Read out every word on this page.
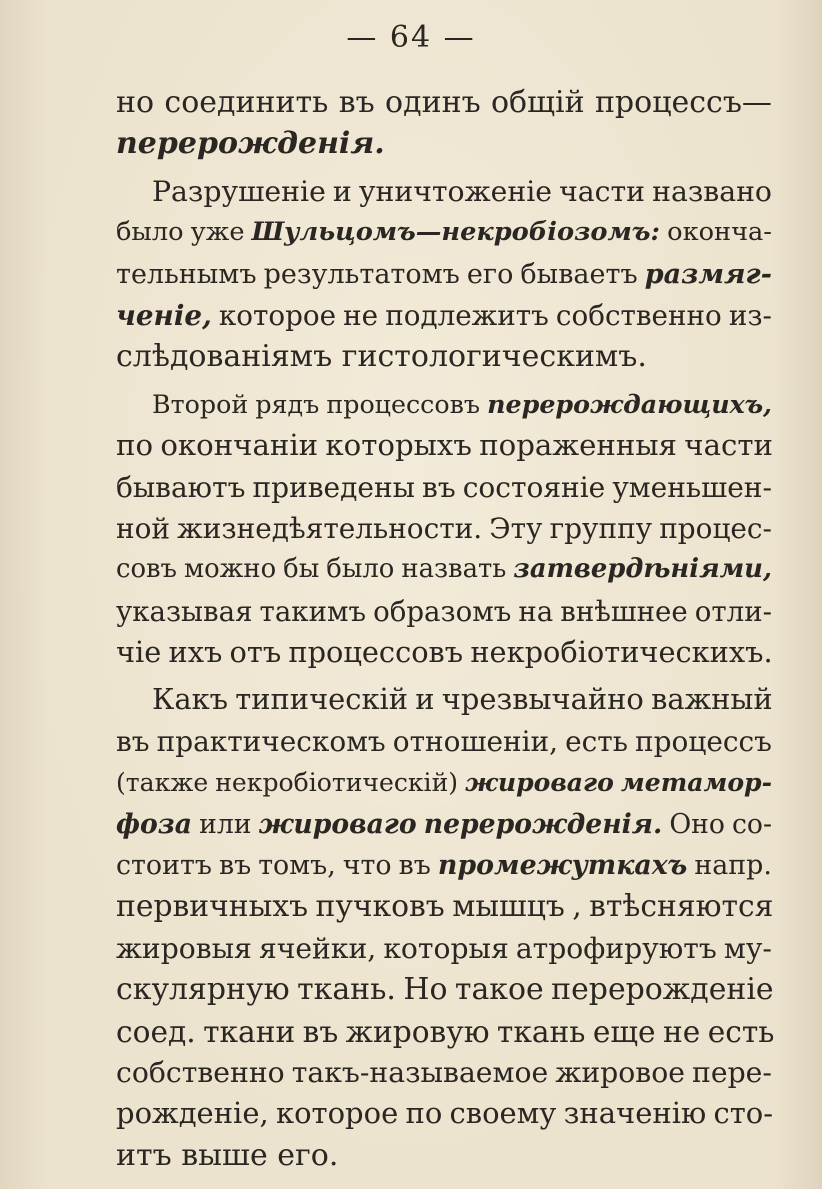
— 64 —
но соединить въ одинъ общій процессъ—
перерожденія.
Разрушеніе и уничтоженіе части названо
было уже Шульцомъ—некробіозомъ: оконча-
тельнымъ результатомъ его бываетъ размяг-
ченіе, которое не подлежитъ собственно из-
слѣдованіямъ гистологическимъ.
Второй рядъ процессовъ перерождающихъ,
по окончаніи которыхъ пораженныя части
бываютъ приведены въ состояніе уменьшен-
ной жизнедѣятельности. Эту группу процес-
совъ можно бы было назвать затвердѣніями,
указывая такимъ образомъ на внѣшнее отли-
чіе ихъ отъ процессовъ некробіотическихъ.
Какъ типическій и чрезвычайно важный
въ практическомъ отношеніи, есть процессъ
(также некробіотическій) жироваго метамор-
фоза или жироваго перерожденія. Оно со-
стоитъ въ томъ, что въ промежуткахъ напр.
первичныхъ пучковъ мышцъ , втѣсняются
жировыя ячейки, которыя атрофируютъ му-
скулярную ткань. Но такое перерожденіе
соед. ткани въ жировую ткань еще не есть
собственно такъ-называемое жировое пере-
рожденіе, которое по своему значенію сто-
итъ выше его.
